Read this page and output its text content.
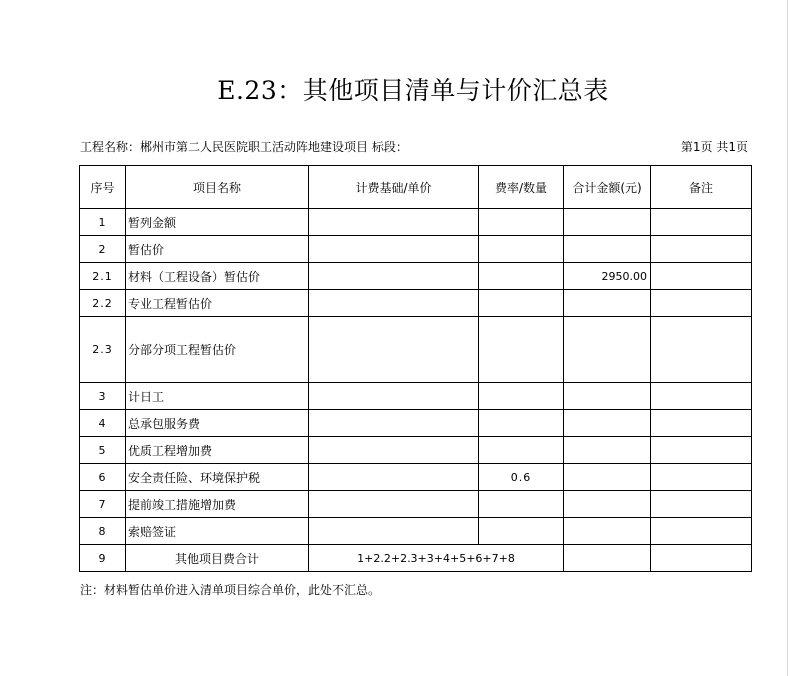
E.23：其他项目清单与计价汇总表
工程名称：郴州市第二人民医院职工活动阵地建设项目 标段：	第1页 共1页
序号	项目名称	计费基础/单价	费率/数量	合计金额(元)	备注
1	暂列金额				
2	暂估价				
2.1	材料（工程设备）暂估价			2950.00	
2.2	专业工程暂估价				
2.3	分部分项工程暂估价				
3	计日工				
4	总承包服务费				
5	优质工程增加费				
6	安全责任险、环境保护税		0.6		
7	提前竣工措施增加费				
8	索赔签证				
9	其他项目费合计	1+2.2+2.3+3+4+5+6+7+8			
注：材料暂估单价进入清单项目综合单价，此处不汇总。
